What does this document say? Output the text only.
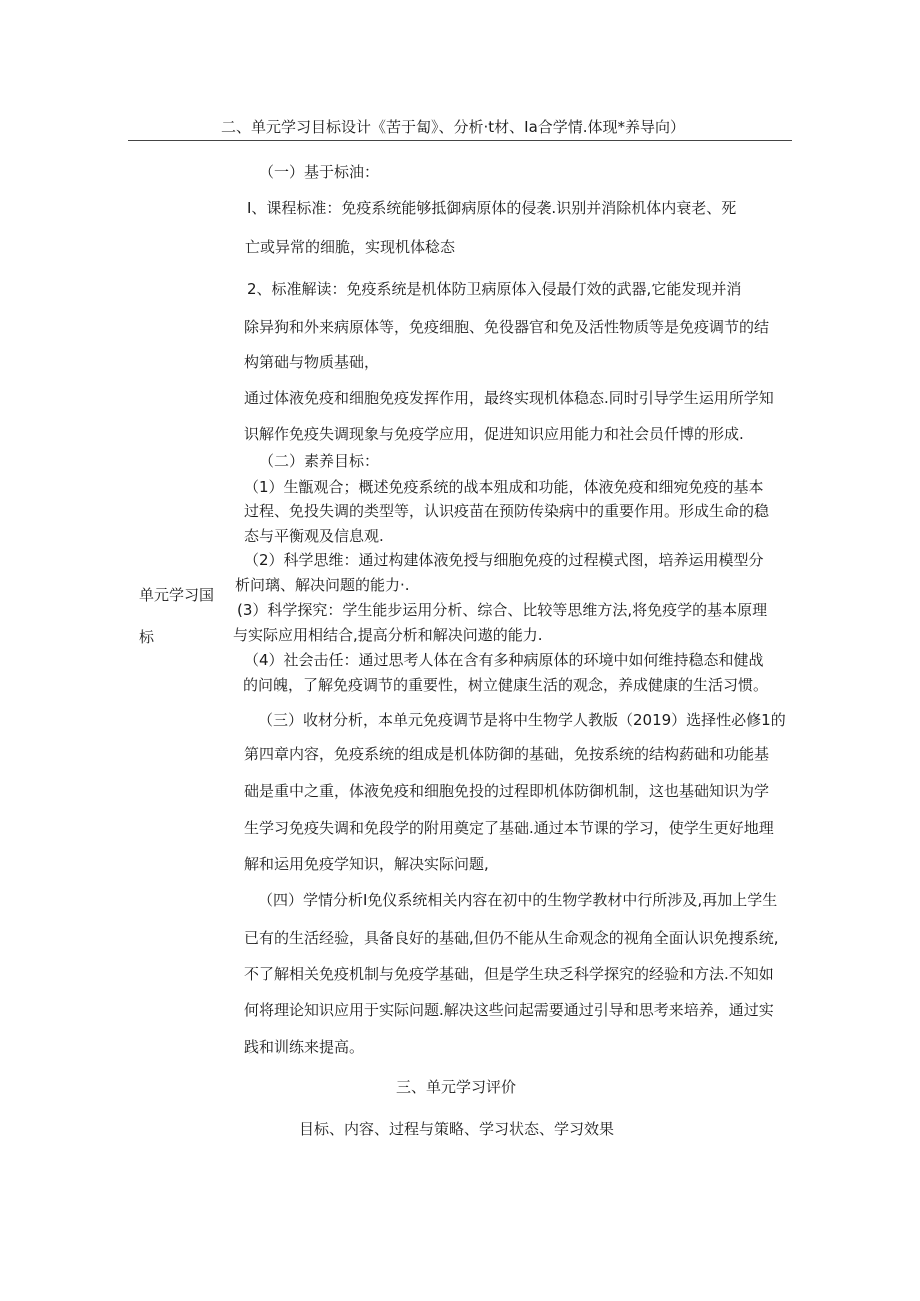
二、单元学习目标设计《苦于匐》、分析·t材、Ia合学情.体现*养导向）
单元学习国
标
（一）基于标油：
I、课程标准：免疫系统能够抵御病原体的侵袭.识别并消除机体内衰老、死
亡或异常的细脆，实现机体稔态
2、标准解读：免疫系统是机体防卫病原体入侵最仃效的武器,它能发现并消
除异狗和外来病原体等，免疫细胞、免役器官和免及活性物质等是免疫调节的结
构第础与物质基础，
通过体液免疫和细胞免疫发挥作用，最终实现机体稳态.同时引导学生运用所学知
识解作免疫失调现象与免疫学应用，促进知识应用能力和社会员仟博的形成.
（二）素养目标：
（1）生甑观合；概述免疫系统的战本殂成和功能，体液免疫和细宛免疫的基本
过程、免投失调的类型等，认识疫苗在预防传染病中的重要作用。形成生命的稳
态与平衡观及信息观.
（2）科学思维：通过构建体液免授与细胞免疫的过程模式图，培养运用模型分
析问璃、解决问题的能力·.
(3）科学探究：学生能步运用分析、综合、比较等思维方法,将免疫学的基本原理
与实际应用相结合,提高分析和解决问遨的能力.
（4）社会击任：通过思考人体在含有多种病原体的环境中如何维持稳态和健战
的问魄，了解免疫调节的重要性，树立健康生活的观念，养成健康的生活习惯。
（三）收材分析，本单元免疫调节是将中生物学人教版（2019）选择性必修1的
第四章内容，免疫系统的组成是机体防御的基础，免按系统的结构葯础和功能基
础是重中之重，体液免疫和细胞免投的过程即机体防御机制，这也基础知识为学
生学习免疫失调和免段学的附用奠定了基础.通过本节课的学习，使学生更好地理
解和运用免疫学知识，解决实际问题,
（四）学情分析I免仪系统相关内容在初中的生物学教材中行所涉及,再加上学生
已有的生活经验，具备良好的基础,但仍不能从生命观念的视角全面认识免搜系统,
不了解相关免疫机制与免疫学基础，但是学生玦乏科学探究的经验和方法.不知如
何将理论知识应用于实际问题.解决这些问起需要通过引导和思考来培养，通过实
践和训练来提高。
三、单元学习评价
目标、内容、过程与策略、学习状态、学习效果
